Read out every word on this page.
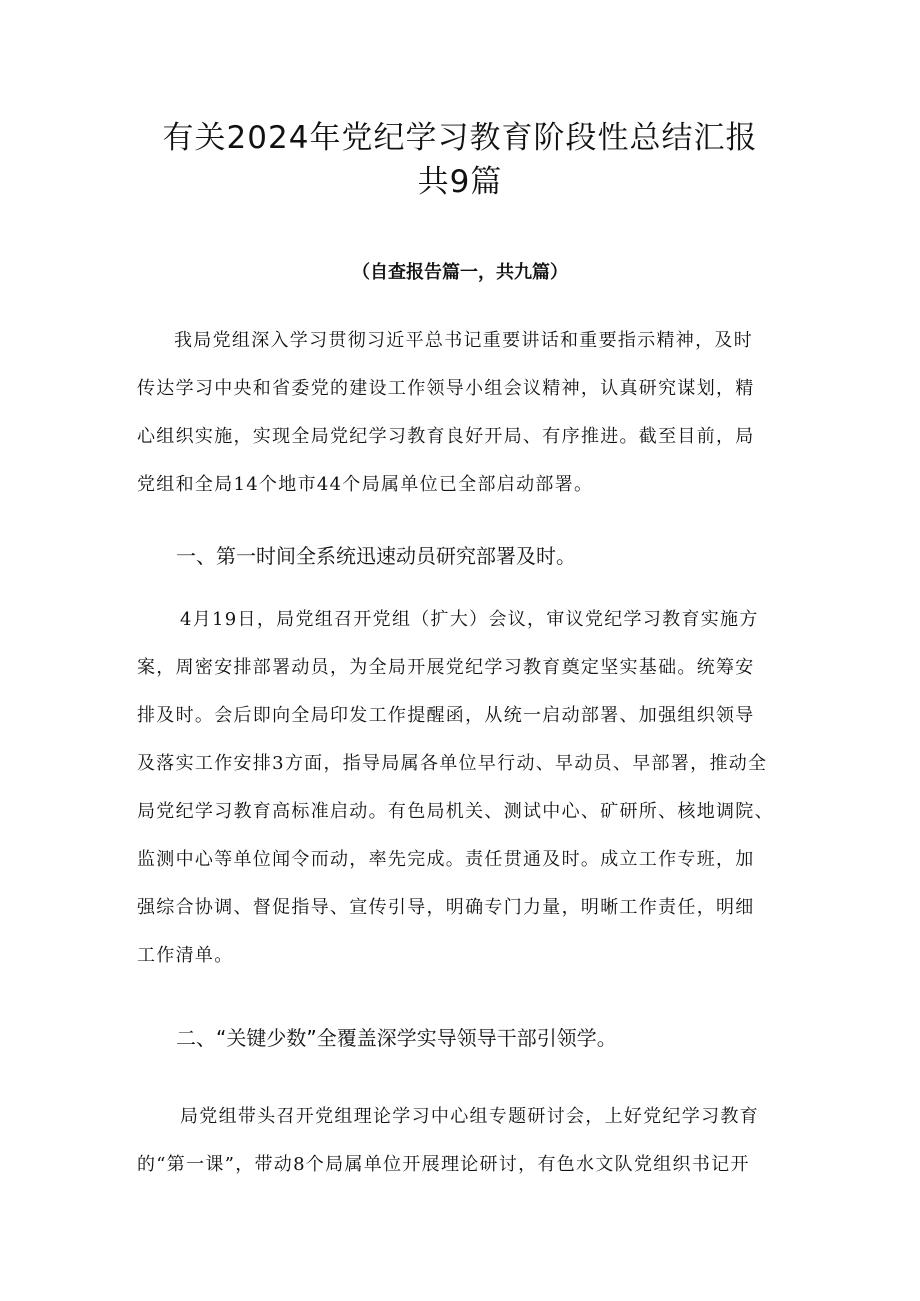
有关2024年党纪学习教育阶段性总结汇报
共9篇
（自查报告篇一，共九篇）
我局党组深入学习贯彻习近平总书记重要讲话和重要指示精神，及时
传达学习中央和省委党的建设工作领导小组会议精神，认真研究谋划，精
心组织实施，实现全局党纪学习教育良好开局、有序推进。截至目前，局
党组和全局14个地市44个局属单位已全部启动部署。
一、第一时间全系统迅速动员研究部署及时。
4月19日，局党组召开党组（扩大）会议，审议党纪学习教育实施方
案，周密安排部署动员，为全局开展党纪学习教育奠定坚实基础。统筹安
排及时。会后即向全局印发工作提醒函，从统一启动部署、加强组织领导
及落实工作安排3方面，指导局属各单位早行动、早动员、早部署，推动全
局党纪学习教育高标准启动。有色局机关、测试中心、矿研所、核地调院、
监测中心等单位闻令而动，率先完成。责任贯通及时。成立工作专班，加
强综合协调、督促指导、宣传引导，明确专门力量，明晰工作责任，明细
工作清单。
二、“关键少数”全覆盖深学实导领导干部引领学。
局党组带头召开党组理论学习中心组专题研讨会，上好党纪学习教育
的“第一课”，带动8个局属单位开展理论研讨，有色水文队党组织书记开
